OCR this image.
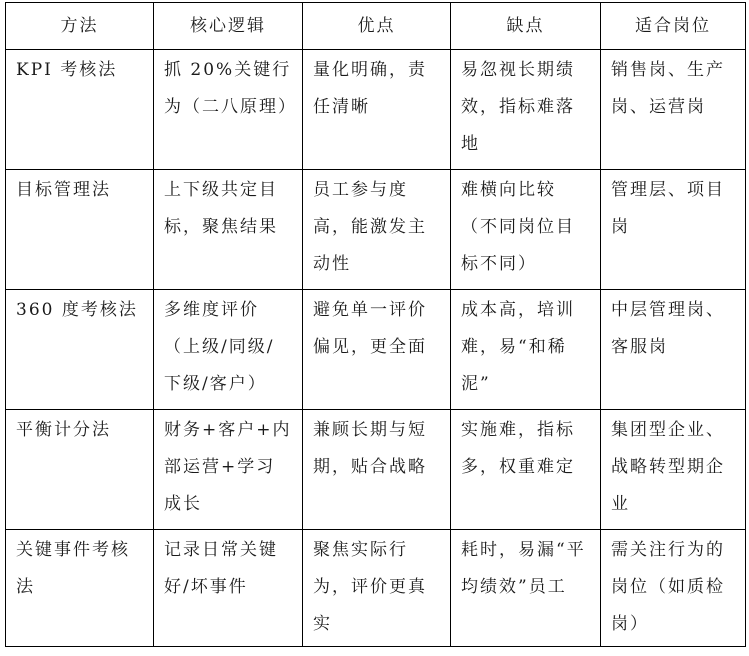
方法	核心逻辑	优点	缺点	适合岗位
KPI 考核法	抓 20%关键行为（二八原理）	量化明确，责任清晰	易忽视长期绩效，指标难落地	销售岗、生产岗、运营岗
目标管理法	上下级共定目标，聚焦结果	员工参与度高，能激发主动性	难横向比较（不同岗位目标不同）	管理层、项目岗
360 度考核法	多维度评价（上级/同级/下级/客户）	避免单一评价偏见，更全面	成本高，培训难，易“和稀泥”	中层管理岗、客服岗
平衡计分法	财务+客户+内部运营+学习成长	兼顾长期与短期，贴合战略	实施难，指标多，权重难定	集团型企业、战略转型期企业
关键事件考核法	记录日常关键好/坏事件	聚焦实际行为，评价更真实	耗时，易漏“平均绩效”员工	需关注行为的岗位（如质检岗）
